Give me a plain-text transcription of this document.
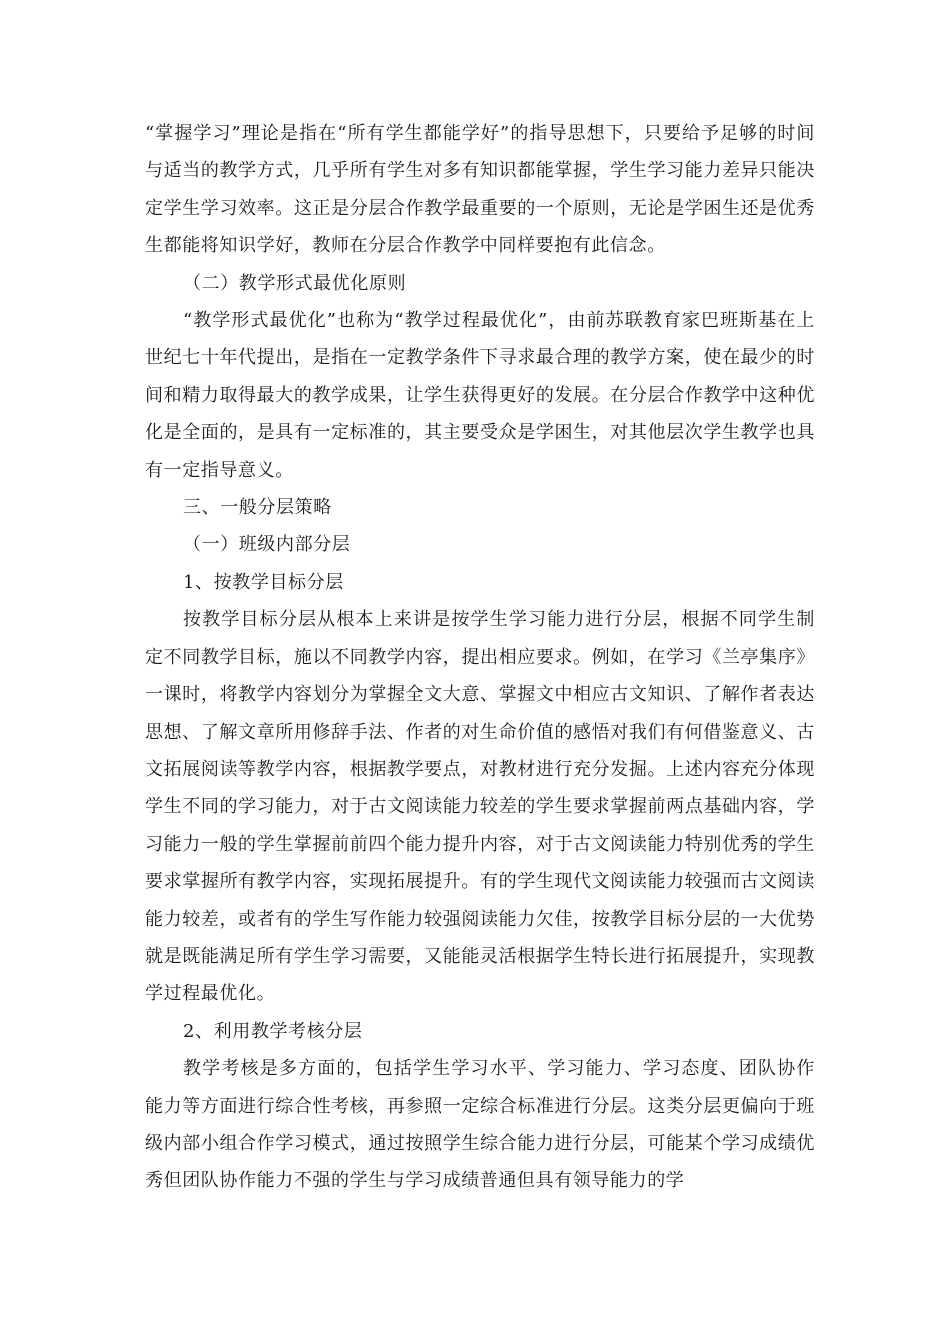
“掌握学习”理论是指在“所有学生都能学好”的指导思想下，只要给予足够的时间与适当的教学方式，几乎所有学生对多有知识都能掌握，学生学习能力差异只能决定学生学习效率。这正是分层合作教学最重要的一个原则，无论是学困生还是优秀生都能将知识学好，教师在分层合作教学中同样要抱有此信念。

（二）教学形式最优化原则

“教学形式最优化”也称为“教学过程最优化”，由前苏联教育家巴班斯基在上世纪七十年代提出，是指在一定教学条件下寻求最合理的教学方案，使在最少的时间和精力取得最大的教学成果，让学生获得更好的发展。在分层合作教学中这种优化是全面的，是具有一定标准的，其主要受众是学困生，对其他层次学生教学也具有一定指导意义。

三、一般分层策略

（一）班级内部分层

1、按教学目标分层

按教学目标分层从根本上来讲是按学生学习能力进行分层，根据不同学生制定不同教学目标，施以不同教学内容，提出相应要求。例如，在学习《兰亭集序》一课时，将教学内容划分为掌握全文大意、掌握文中相应古文知识、了解作者表达思想、了解文章所用修辞手法、作者的对生命价值的感悟对我们有何借鉴意义、古文拓展阅读等教学内容，根据教学要点，对教材进行充分发掘。上述内容充分体现学生不同的学习能力，对于古文阅读能力较差的学生要求掌握前两点基础内容，学习能力一般的学生掌握前前四个能力提升内容，对于古文阅读能力特别优秀的学生要求掌握所有教学内容，实现拓展提升。有的学生现代文阅读能力较强而古文阅读能力较差，或者有的学生写作能力较强阅读能力欠佳，按教学目标分层的一大优势就是既能满足所有学生学习需要，又能能灵活根据学生特长进行拓展提升，实现教学过程最优化。

2、利用教学考核分层

教学考核是多方面的，包括学生学习水平、学习能力、学习态度、团队协作能力等方面进行综合性考核，再参照一定综合标准进行分层。这类分层更偏向于班级内部小组合作学习模式，通过按照学生综合能力进行分层，可能某个学习成绩优秀但团队协作能力不强的学生与学习成绩普通但具有领导能力的学
